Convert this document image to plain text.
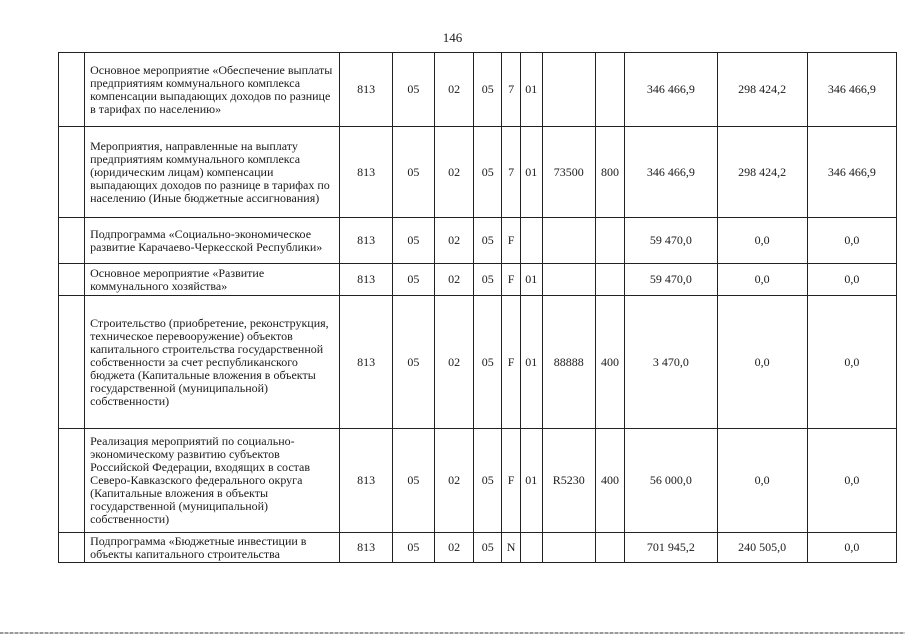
146
	Основное мероприятие «Обеспечение выплаты предприятиям коммунального комплекса компенсации выпадающих доходов по разнице в тарифах по населению»	813	05	02	05	7	01			346 466,9	298 424,2	346 466,9
	Мероприятия, направленные на выплату предприятиям коммунального комплекса (юридическим лицам) компенсации выпадающих доходов по разнице в тарифах по населению (Иные бюджетные ассигнования)	813	05	02	05	7	01	73500	800	346 466,9	298 424,2	346 466,9
	Подпрограмма «Социально-экономическое развитие Карачаево-Черкесской Республики»	813	05	02	05	F				59 470,0	0,0	0,0
	Основное мероприятие «Развитие коммунального хозяйства»	813	05	02	05	F	01			59 470,0	0,0	0,0
	Строительство (приобретение, реконструкция, техническое перевооружение) объектов капитального строительства государственной собственности за счет республиканского бюджета (Капитальные вложения в объекты государственной (муниципальной) собственности)	813	05	02	05	F	01	88888	400	3 470,0	0,0	0,0
	Реализация мероприятий по социально-экономическому развитию субъектов Российской Федерации, входящих в состав Северо-Кавказского федерального округа (Капитальные вложения в объекты государственной (муниципальной) собственности)	813	05	02	05	F	01	R5230	400	56 000,0	0,0	0,0
	Подпрограмма «Бюджетные инвестиции в объекты капитального строительства	813	05	02	05	N				701 945,2	240 505,0	0,0
